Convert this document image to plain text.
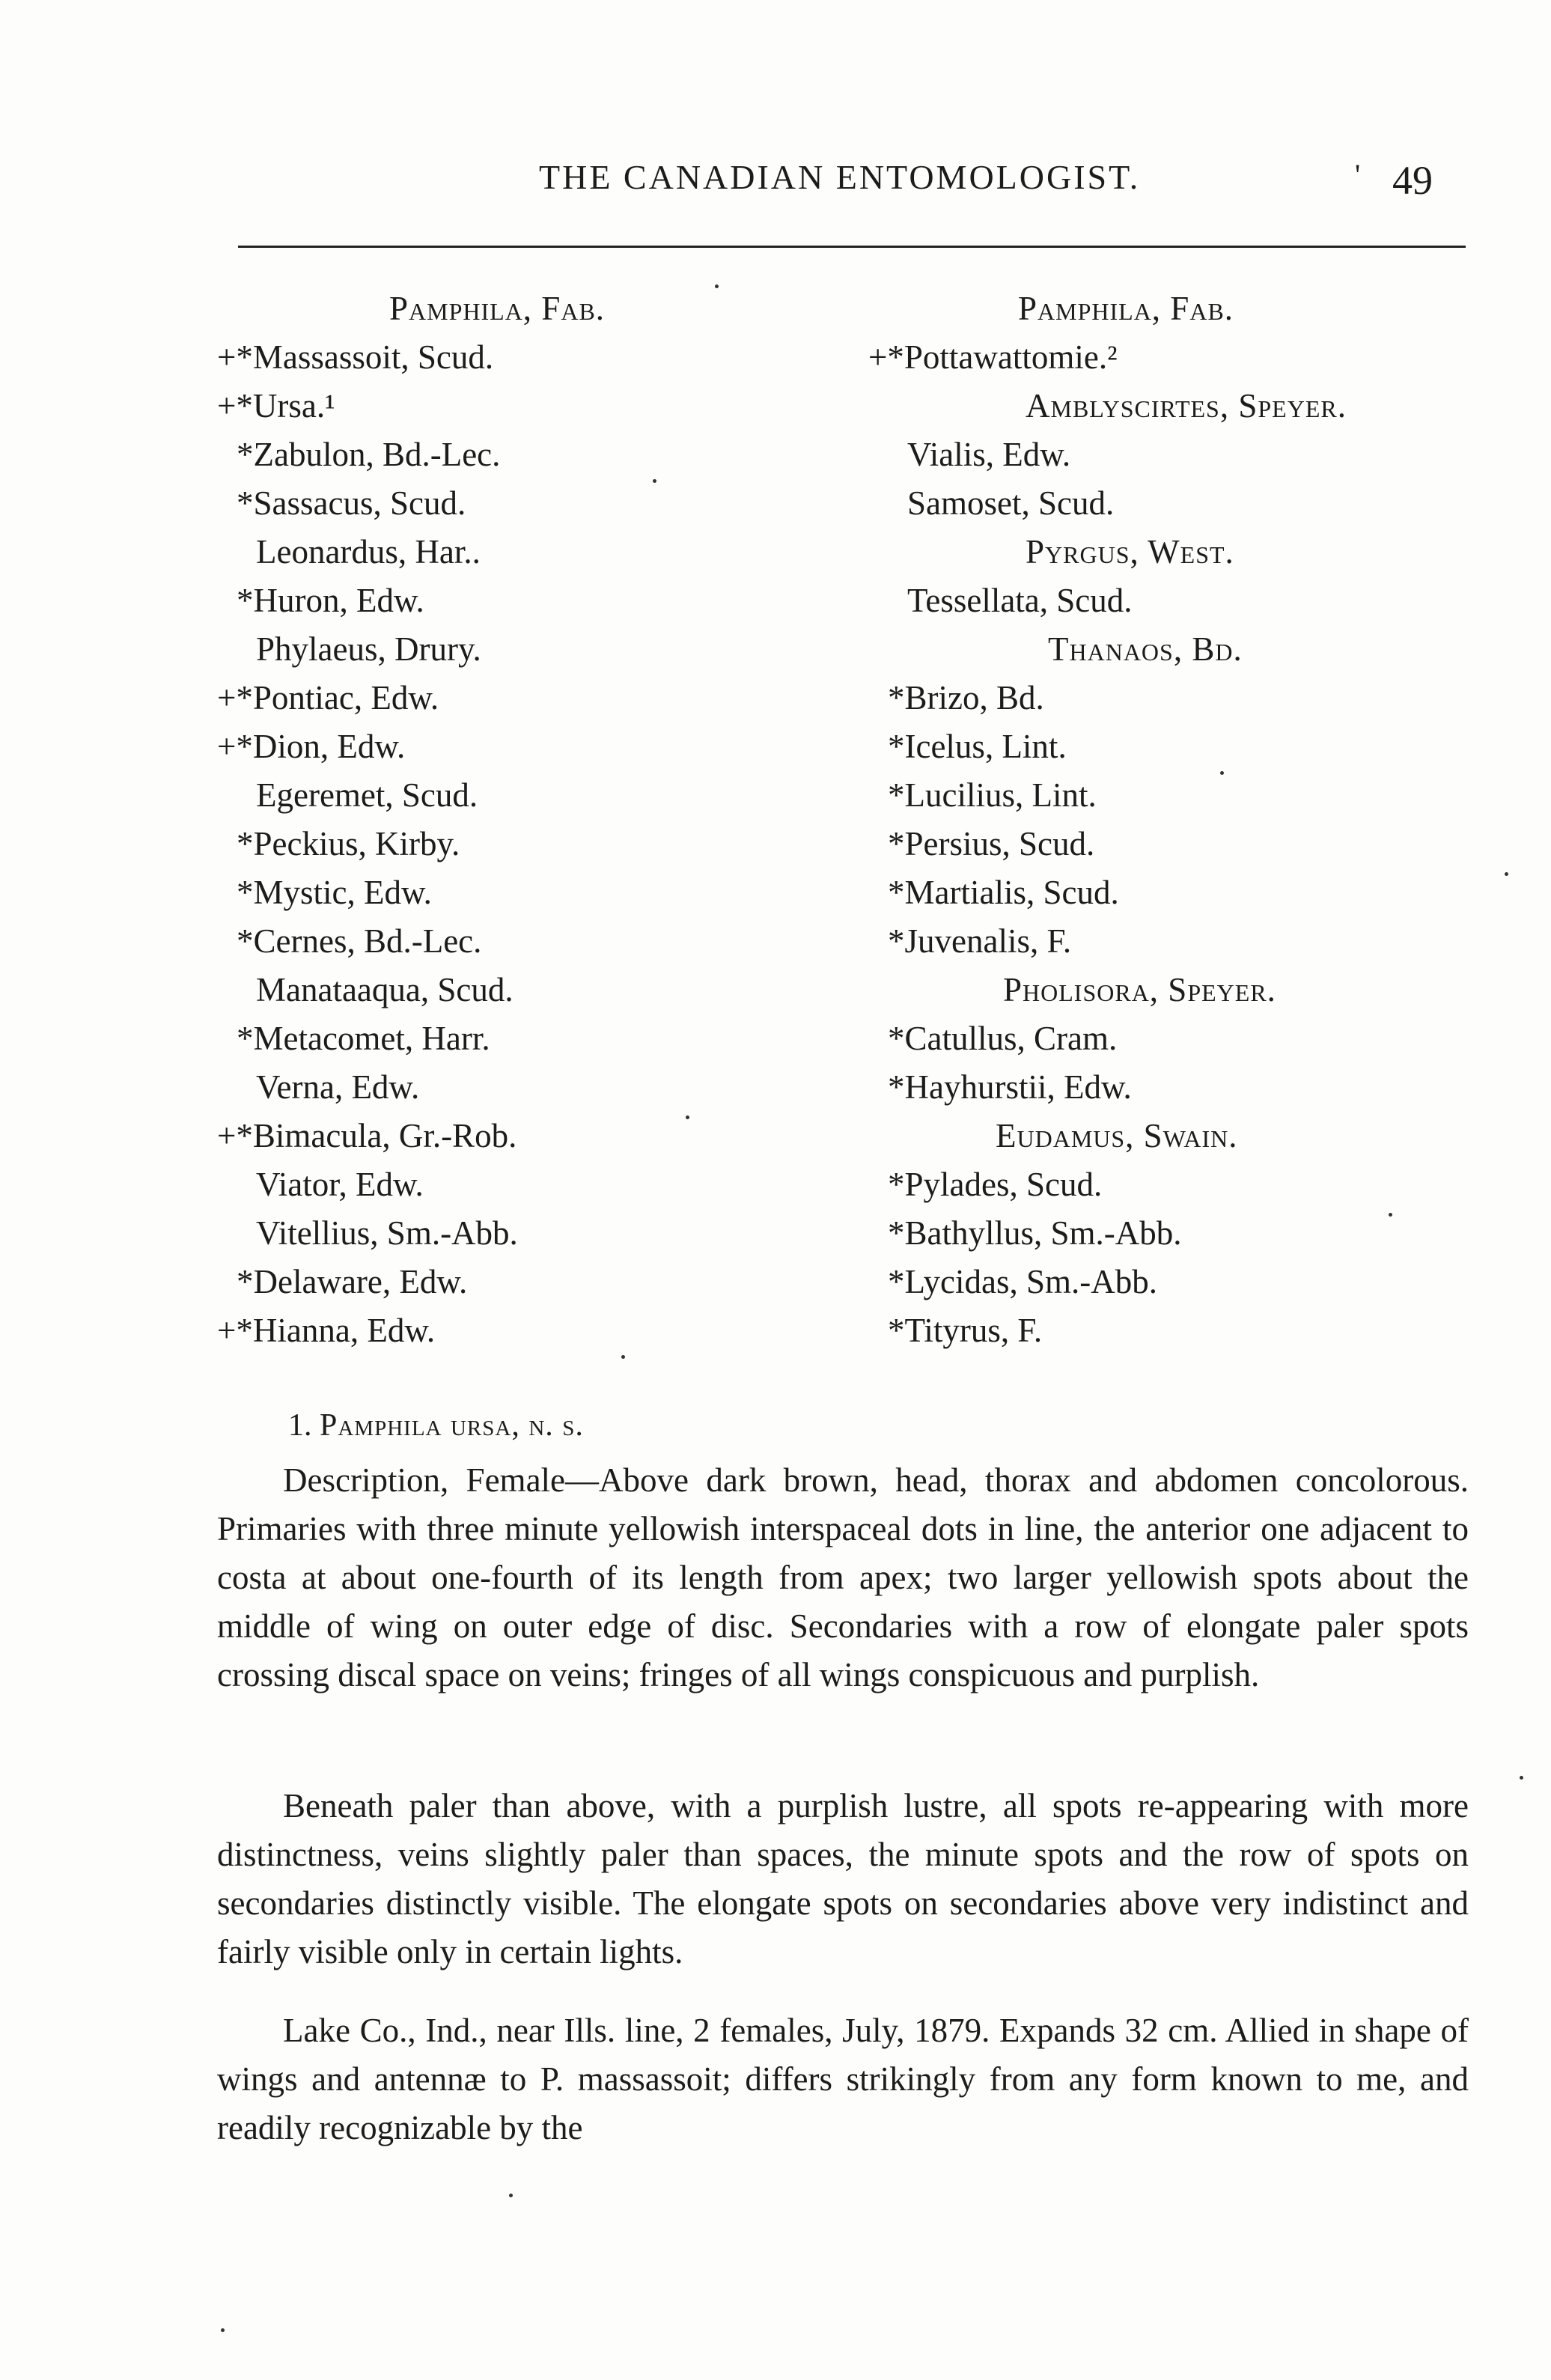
THE CANADIAN ENTOMOLOGIST.	' 49
Pamphila, Fab.
+*Massassoit, Scud.
+*Ursa.¹
*Zabulon, Bd.-Lec.
*Sassacus, Scud.
Leonardus, Har..
*Huron, Edw.
Phylaeus, Drury.
+*Pontiac, Edw.
+*Dion, Edw.
Egeremet, Scud.
*Peckius, Kirby.
*Mystic, Edw.
*Cernes, Bd.-Lec.
Manataaqua, Scud.
*Metacomet, Harr.
Verna, Edw.
+*Bimacula, Gr.-Rob.
Viator, Edw.
Vitellius, Sm.-Abb.
*Delaware, Edw.
+*Hianna, Edw.
Pamphila, Fab.
+*Pottawattomie.²
Amblyscirtes, Speyer.
Vialis, Edw.
Samoset, Scud.
Pyrgus, West.
Tessellata, Scud.
Thanaos, Bd.
*Brizo, Bd.
*Icelus, Lint.
*Lucilius, Lint.
*Persius, Scud.
*Martialis, Scud.
*Juvenalis, F.
Pholisora, Speyer.
*Catullus, Cram.
*Hayhurstii, Edw.
Eudamus, Swain.
*Pylades, Scud.
*Bathyllus, Sm.-Abb.
*Lycidas, Sm.-Abb.
*Tityrus, F.
1. Pamphila ursa, n. s.

Description, Female—Above dark brown, head, thorax and abdomen concolorous. Primaries with three minute yellowish interspaceal dots in line, the anterior one adjacent to costa at about one-fourth of its length from apex; two larger yellowish spots about the middle of wing on outer edge of disc. Secondaries with a row of elongate paler spots crossing discal space on veins; fringes of all wings conspicuous and purplish.

Beneath paler than above, with a purplish lustre, all spots re-appearing with more distinctness, veins slightly paler than spaces, the minute spots and the row of spots on secondaries distinctly visible. The elongate spots on secondaries above very indistinct and fairly visible only in certain lights.

Lake Co., Ind., near Ills. line, 2 females, July, 1879. Expands 32 cm. Allied in shape of wings and antennæ to P. massassoit; differs strikingly from any form known to me, and readily recognizable by the
